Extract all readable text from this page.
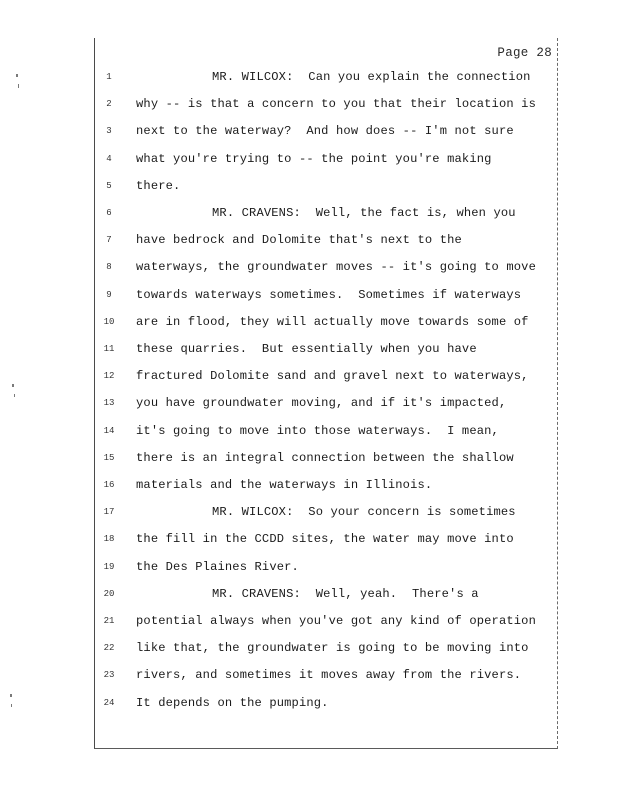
Page 28
1	MR. WILCOX:  Can you explain the connection
2	why -- is that a concern to you that their location is
3	next to the waterway?  And how does -- I'm not sure
4	what you're trying to -- the point you're making
5	there.
6	MR. CRAVENS:  Well, the fact is, when you
7	have bedrock and Dolomite that's next to the
8	waterways, the groundwater moves -- it's going to move
9	towards waterways sometimes.  Sometimes if waterways
10 are in flood, they will actually move towards some of
11 these quarries.  But essentially when you have
12 fractured Dolomite sand and gravel next to waterways,
13 you have groundwater moving, and if it's impacted,
14 it's going to move into those waterways.  I mean,
15 there is an integral connection between the shallow
16 materials and the waterways in Illinois.
17	MR. WILCOX:  So your concern is sometimes
18 the fill in the CCDD sites, the water may move into
19 the Des Plaines River.
20	MR. CRAVENS:  Well, yeah.  There's a
21 potential always when you've got any kind of operation
22 like that, the groundwater is going to be moving into
23 rivers, and sometimes it moves away from the rivers.
24 It depends on the pumping.
